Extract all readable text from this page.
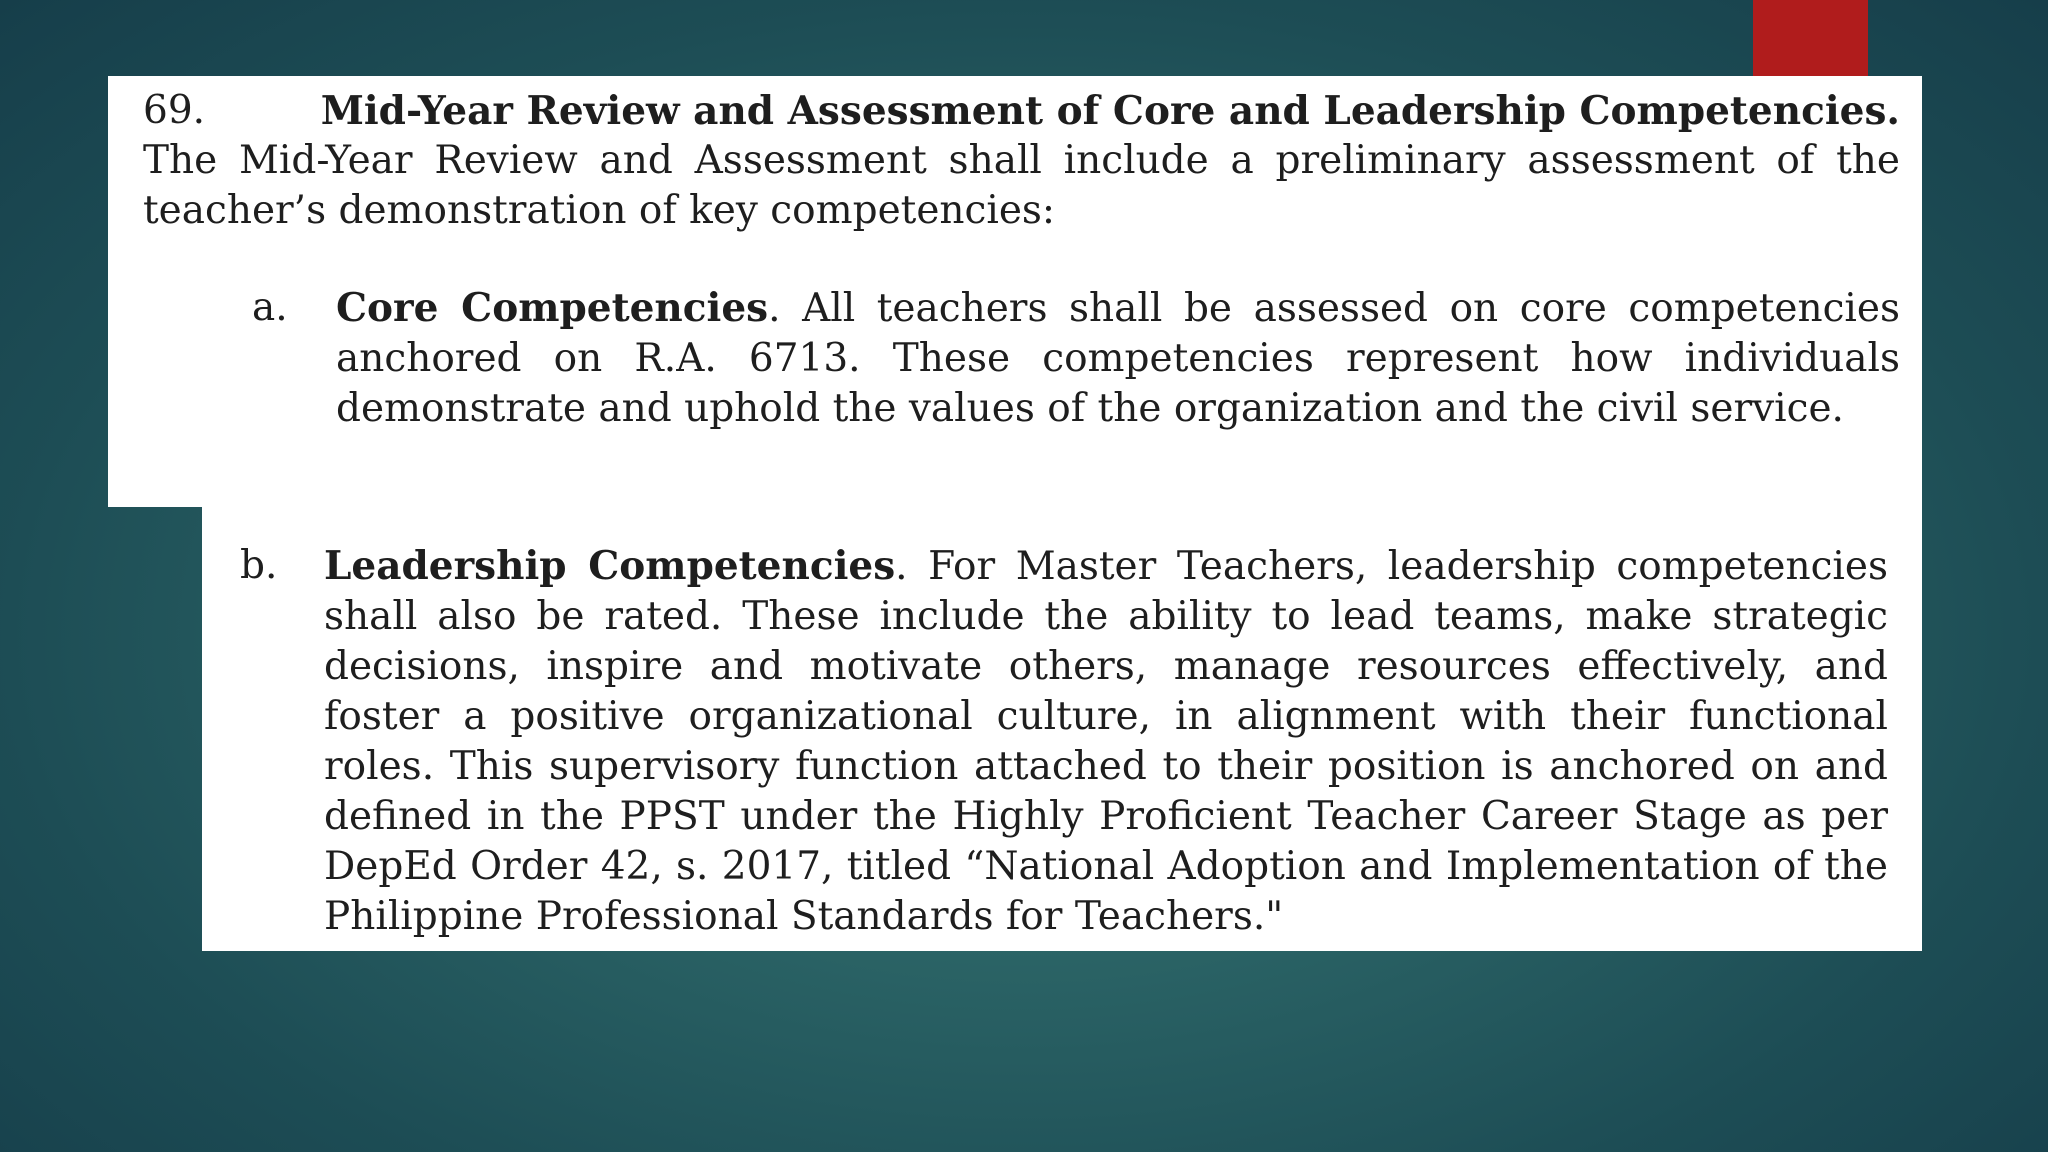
69.	Mid-Year Review and Assessment of Core and Leadership Competencies.
The Mid-Year Review and Assessment shall include a preliminary assessment of the teacher’s demonstration of key competencies:
a. Core Competencies. All teachers shall be assessed on core competencies anchored on R.A. 6713. These competencies represent how individuals demonstrate and uphold the values of the organization and the civil service.
b. Leadership Competencies. For Master Teachers, leadership competencies shall also be rated. These include the ability to lead teams, make strategic decisions, inspire and motivate others, manage resources effectively, and foster a positive organizational culture, in alignment with their functional roles. This supervisory function attached to their position is anchored on and defined in the PPST under the Highly Proficient Teacher Career Stage as per DepEd Order 42, s. 2017, titled “National Adoption and Implementation of the Philippine Professional Standards for Teachers."
